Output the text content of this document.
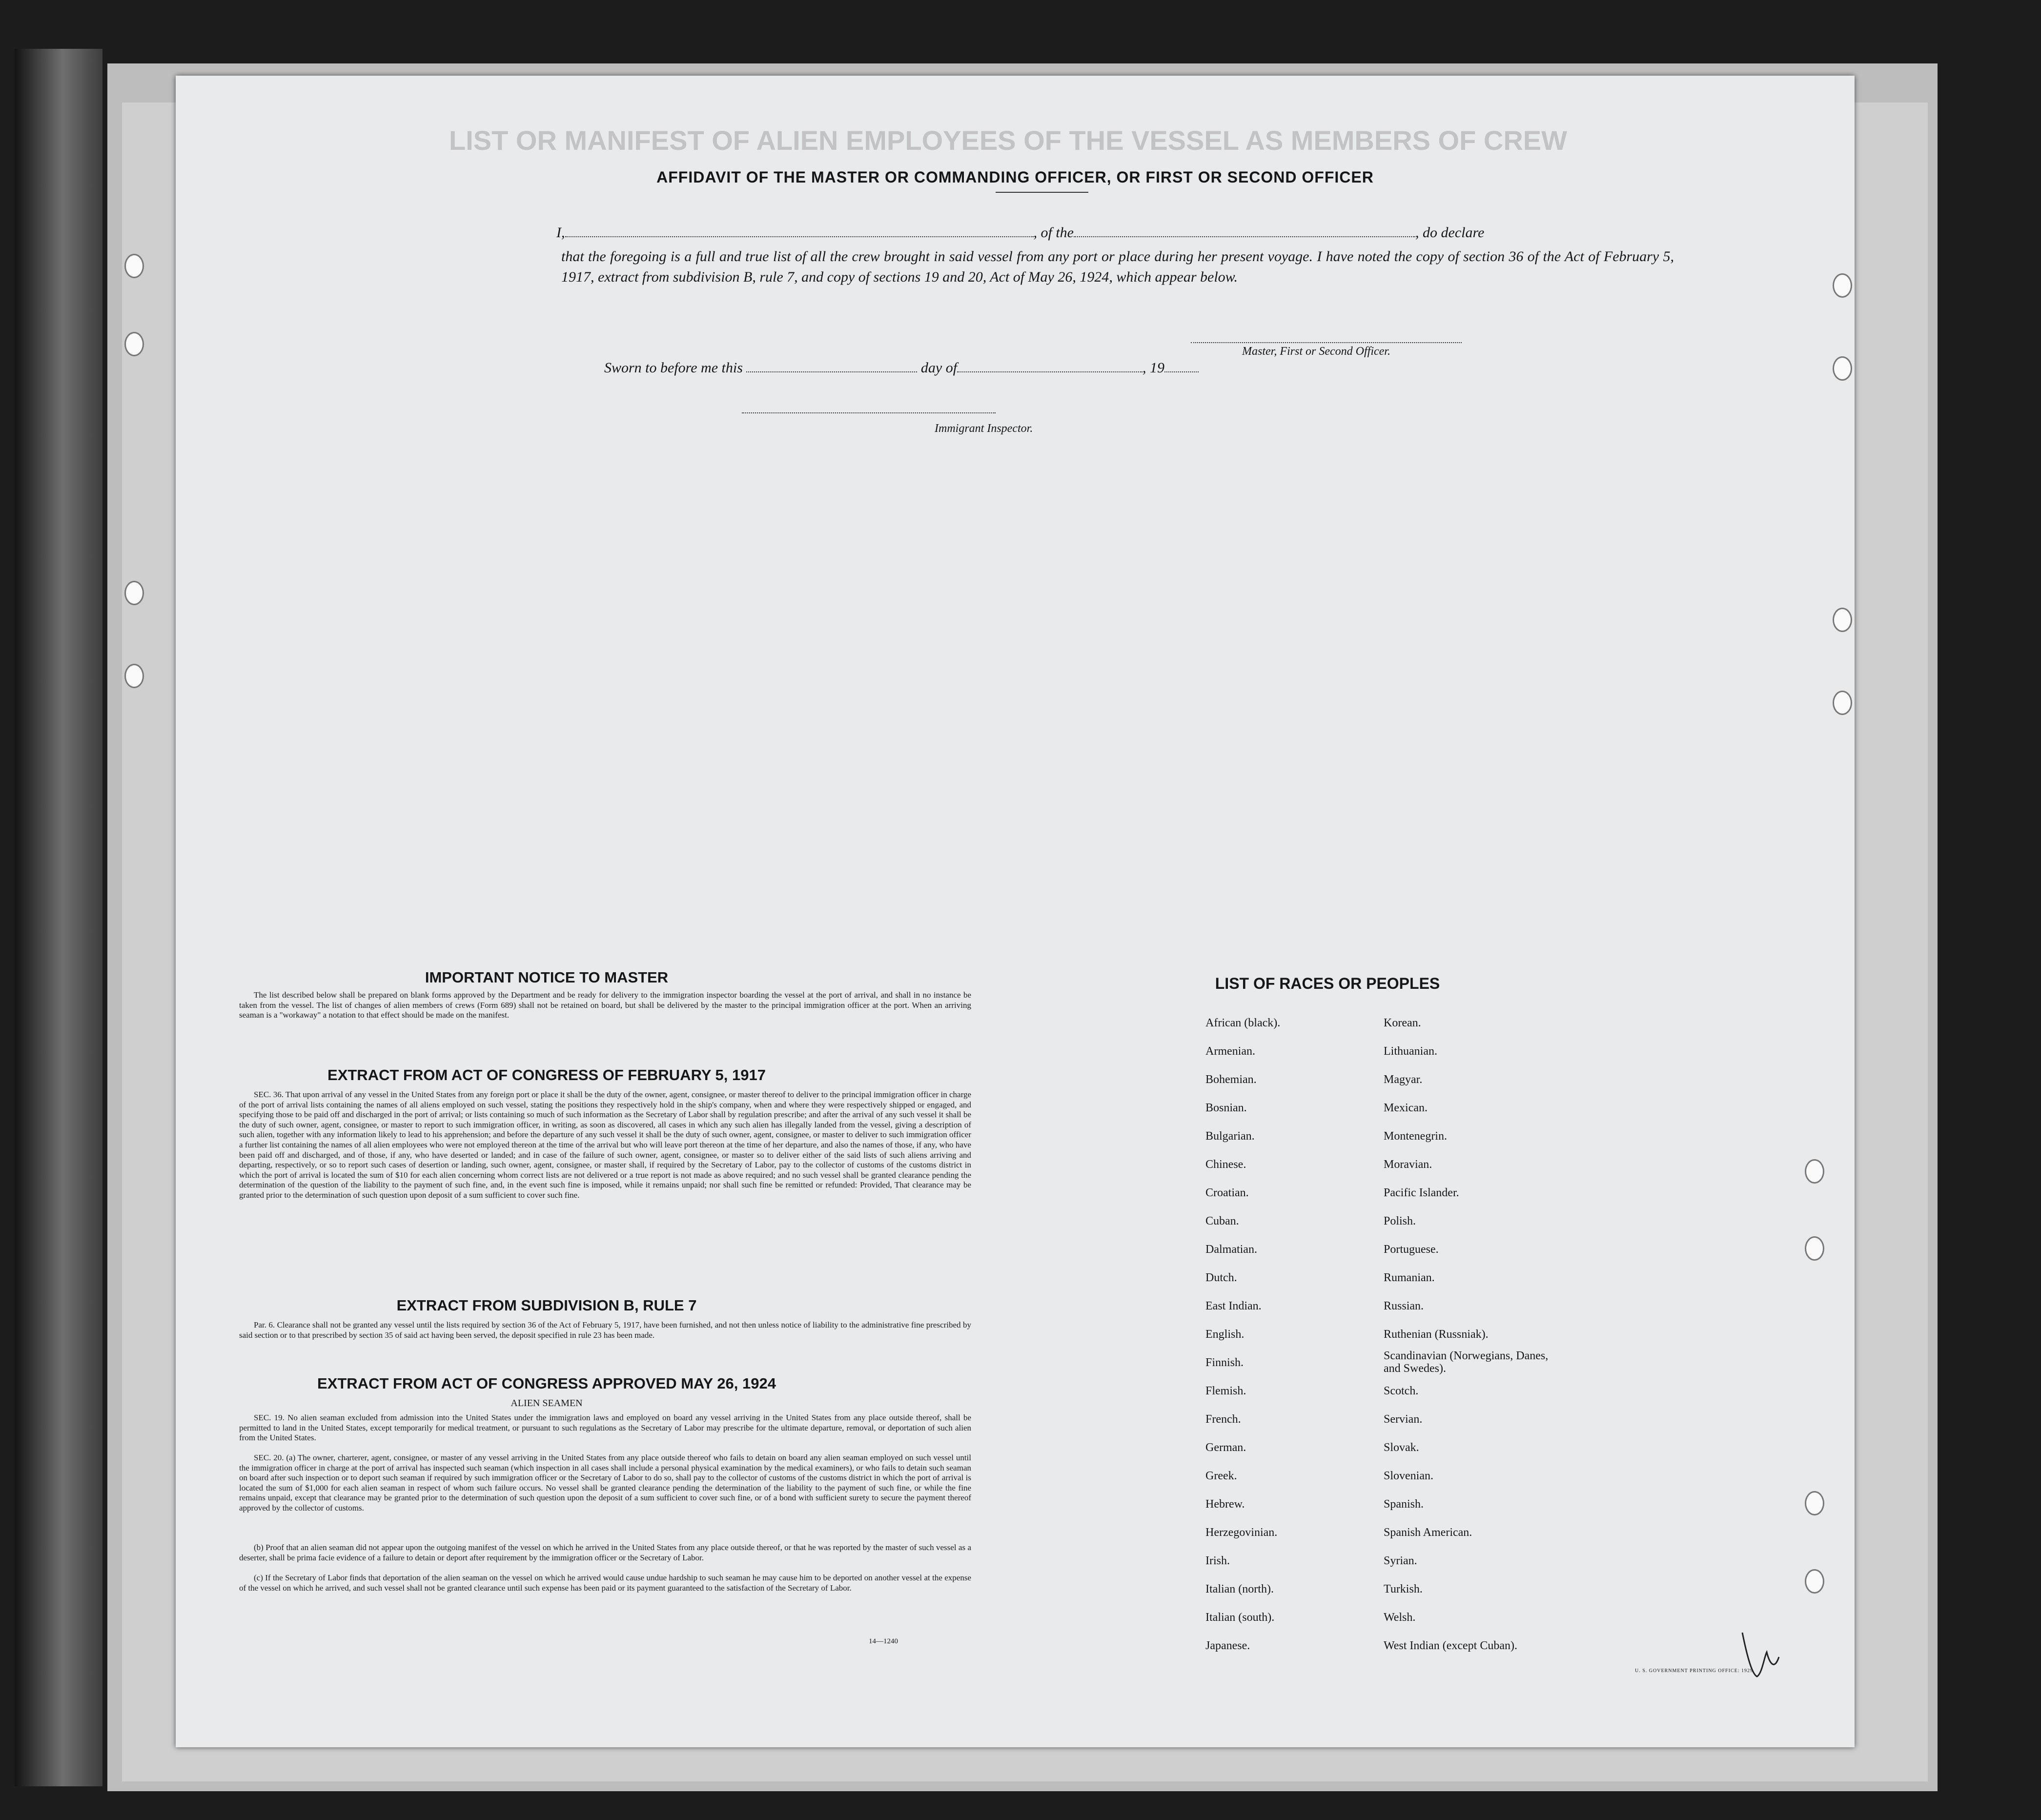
LIST OR MANIFEST OF ALIEN EMPLOYEES OF THE VESSEL AS MEMBERS OF CREW
AFFIDAVIT OF THE MASTER OR COMMANDING OFFICER, OR FIRST OR SECOND OFFICER
I,	, of the	, do declare
that the foregoing is a full and true list of all the crew brought in said vessel from any port or place during her present voyage. I have noted the copy of section 36 of the Act of February 5, 1917, extract from subdivision B, rule 7, and copy of sections 19 and 20, Act of May 26, 1924, which appear below.
Master, First or Second Officer.
Sworn to before me this	day of	, 19
Immigrant Inspector.
IMPORTANT NOTICE TO MASTER
The list described below shall be prepared on blank forms approved by the Department and be ready for delivery to the immigration inspector boarding the vessel at the port of arrival, and shall in no instance be taken from the vessel. The list of changes of alien members of crews (Form 689) shall not be retained on board, but shall be delivered by the master to the principal immigration officer at the port. When an arriving seaman is a "workaway" a notation to that effect should be made on the manifest.
EXTRACT FROM ACT OF CONGRESS OF FEBRUARY 5, 1917
SEC. 36. That upon arrival of any vessel in the United States from any foreign port or place it shall be the duty of the owner, agent, consignee, or master thereof to deliver to the principal immigration officer in charge of the port of arrival lists containing the names of all aliens employed on such vessel, stating the positions they respectively hold in the ship's company, when and where they were respectively shipped or engaged, and specifying those to be paid off and discharged in the port of arrival; or lists containing so much of such information as the Secretary of Labor shall by regulation prescribe; and after the arrival of any such vessel it shall be the duty of such owner, agent, consignee, or master to report to such immigration officer, in writing, as soon as discovered, all cases in which any such alien has illegally landed from the vessel, giving a description of such alien, together with any information likely to lead to his apprehension; and before the departure of any such vessel it shall be the duty of such owner, agent, consignee, or master to deliver to such immigration officer a further list containing the names of all alien employees who were not employed thereon at the time of the arrival but who will leave port thereon at the time of her departure, and also the names of those, if any, who have been paid off and discharged, and of those, if any, who have deserted or landed; and in case of the failure of such owner, agent, consignee, or master so to deliver either of the said lists of such aliens arriving and departing, respectively, or so to report such cases of desertion or landing, such owner, agent, consignee, or master shall, if required by the Secretary of Labor, pay to the collector of customs of the customs district in which the port of arrival is located the sum of $10 for each alien concerning whom correct lists are not delivered or a true report is not made as above required; and no such vessel shall be granted clearance pending the determination of the question of the liability to the payment of such fine, and, in the event such fine is imposed, while it remains unpaid; nor shall such fine be remitted or refunded: Provided, That clearance may be granted prior to the determination of such question upon deposit of a sum sufficient to cover such fine.
EXTRACT FROM SUBDIVISION B, RULE 7
Par. 6. Clearance shall not be granted any vessel until the lists required by section 36 of the Act of February 5, 1917, have been furnished, and not then unless notice of liability to the administrative fine prescribed by said section or to that prescribed by section 35 of said act having been served, the deposit specified in rule 23 has been made.
EXTRACT FROM ACT OF CONGRESS APPROVED MAY 26, 1924
ALIEN SEAMEN
SEC. 19. No alien seaman excluded from admission into the United States under the immigration laws and employed on board any vessel arriving in the United States from any place outside thereof, shall be permitted to land in the United States, except temporarily for medical treatment, or pursuant to such regulations as the Secretary of Labor may prescribe for the ultimate departure, removal, or deportation of such alien from the United States.
SEC. 20. (a) The owner, charterer, agent, consignee, or master of any vessel arriving in the United States from any place outside thereof who fails to detain on board any alien seaman employed on such vessel until the immigration officer in charge at the port of arrival has inspected such seaman (which inspection in all cases shall include a personal physical examination by the medical examiners), or who fails to detain such seaman on board after such inspection or to deport such seaman if required by such immigration officer or the Secretary of Labor to do so, shall pay to the collector of customs of the customs district in which the port of arrival is located the sum of $1,000 for each alien seaman in respect of whom such failure occurs. No vessel shall be granted clearance pending the determination of the liability to the payment of such fine, or while the fine remains unpaid, except that clearance may be granted prior to the determination of such question upon the deposit of a sum sufficient to cover such fine, or of a bond with sufficient surety to secure the payment thereof approved by the collector of customs.
(b) Proof that an alien seaman did not appear upon the outgoing manifest of the vessel on which he arrived in the United States from any place outside thereof, or that he was reported by the master of such vessel as a deserter, shall be prima facie evidence of a failure to detain or deport after requirement by the immigration officer or the Secretary of Labor.
(c) If the Secretary of Labor finds that deportation of the alien seaman on the vessel on which he arrived would cause undue hardship to such seaman he may cause him to be deported on another vessel at the expense of the vessel on which he arrived, and such vessel shall not be granted clearance until such expense has been paid or its payment guaranteed to the satisfaction of the Secretary of Labor.
14—1240
LIST OF RACES OR PEOPLES
African (black).
Armenian.
Bohemian.
Bosnian.
Bulgarian.
Chinese.
Croatian.
Cuban.
Dalmatian.
Dutch.
East Indian.
English.
Finnish.
Flemish.
French.
German.
Greek.
Hebrew.
Herzegovinian.
Irish.
Italian (north).
Italian (south).
Japanese.
Korean.
Lithuanian.
Magyar.
Mexican.
Montenegrin.
Moravian.
Pacific Islander.
Polish.
Portuguese.
Rumanian.
Russian.
Ruthenian (Russniak).
Scandinavian (Norwegians, Danes, and Swedes).
Scotch.
Servian.
Slovak.
Slovenian.
Spanish.
Spanish American.
Syrian.
Turkish.
Welsh.
West Indian (except Cuban).
U. S. GOVERNMENT PRINTING OFFICE: 1929
